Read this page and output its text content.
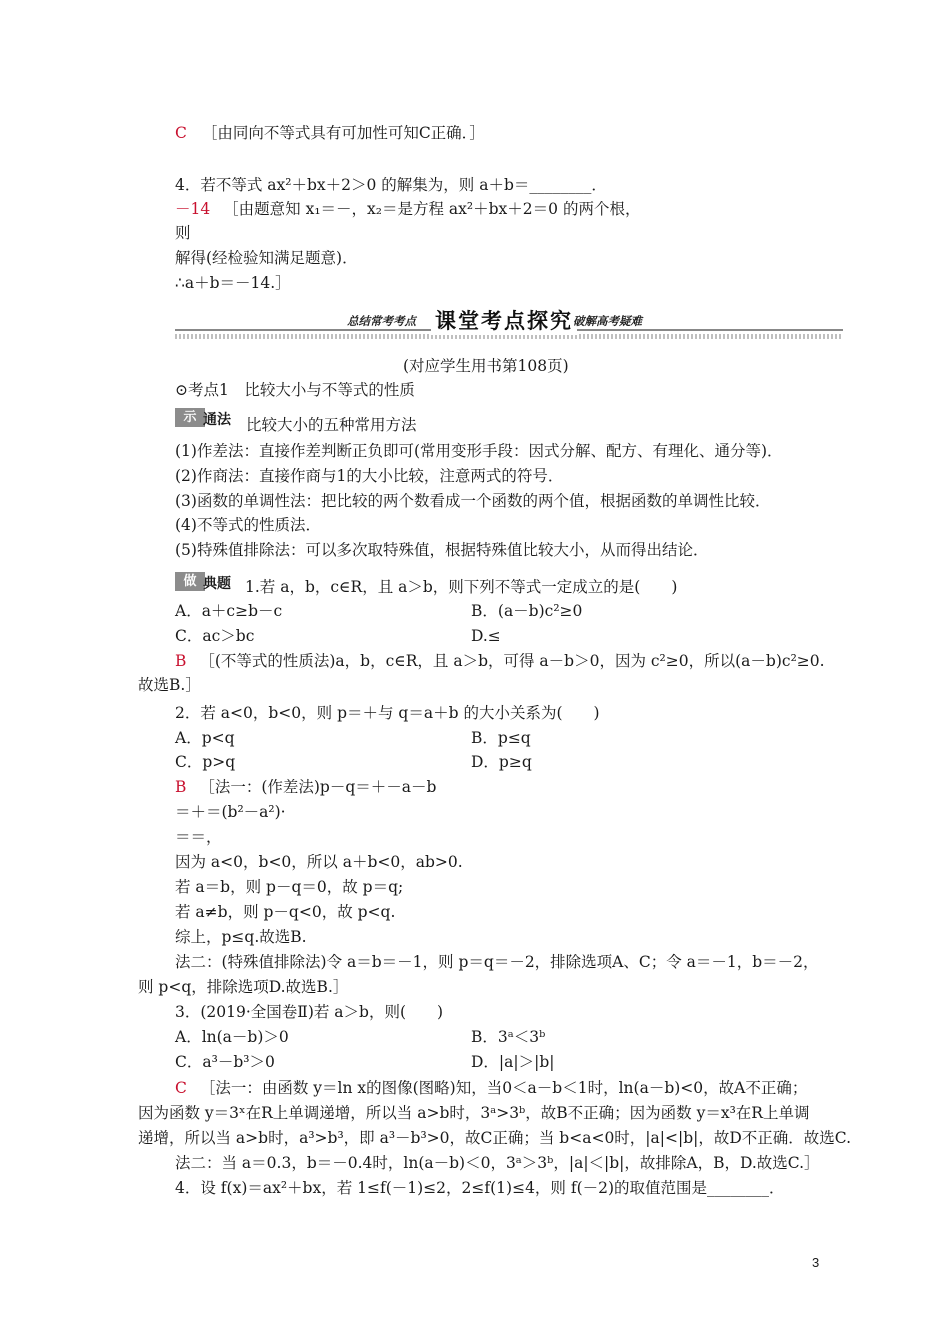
C ［由同向不等式具有可加性可知C正确．］
4．若不等式 ax²＋bx＋2＞0 的解集为，则 a＋b＝________．
－14 ［由题意知 x₁＝－，x₂＝是方程 ax²＋bx＋2＝0 的两个根，
则
解得(经检验知满足题意)．
∴a＋b＝－14.］
总结常考考点 课堂考点探究 破解高考疑难
(对应学生用书第108页)
⊙考点1　比较大小与不等式的性质
示 通法 比较大小的五种常用方法
(1)作差法：直接作差判断正负即可(常用变形手段：因式分解、配方、有理化、通分等)．
(2)作商法：直接作商与1的大小比较，注意两式的符号．
(3)函数的单调性法：把比较的两个数看成一个函数的两个值，根据函数的单调性比较．
(4)不等式的性质法．
(5)特殊值排除法：可以多次取特殊值，根据特殊值比较大小，从而得出结论．
做 典题 1.若 a，b，c∈R，且 a＞b，则下列不等式一定成立的是(　　)
A．a＋c≥b－c	B．(a－b)c²≥0
C．ac＞bc	D.≤
B ［(不等式的性质法)a，b，c∈R，且 a＞b，可得 a－b＞0，因为 c²≥0，所以(a－b)c²≥0.
故选B.］
2．若 a<0，b<0，则 p＝＋与 q＝a＋b 的大小关系为(　　)
A．p<q	B．p≤q
C．p>q	D．p≥q
B ［法一：(作差法)p－q＝＋－a－b
＝＋＝(b²－a²)·
＝＝，
因为 a<0，b<0，所以 a＋b<0，ab>0.
若 a＝b，则 p－q＝0，故 p＝q;
若 a≠b，则 p－q<0，故 p<q.
综上，p≤q.故选B.
法二：(特殊值排除法)令 a＝b＝－1，则 p＝q＝－2，排除选项A、C；令 a＝－1，b＝－2，
则 p<q，排除选项D.故选B.］
3．(2019·全国卷Ⅱ)若 a＞b，则(　　)
A．ln(a－b)＞0	B．3ᵃ＜3ᵇ
C．a³－b³＞0	D．|a|＞|b|
C ［法一：由函数 y＝ln x的图像(图略)知，当0＜a－b＜1时，ln(a－b)<0，故A不正确；
因为函数 y＝3ˣ在R上单调递增，所以当 a>b时，3ᵃ>3ᵇ，故B不正确；因为函数 y＝x³在R上单调
递增，所以当 a>b时，a³>b³，即 a³－b³>0，故C正确；当 b<a<0时，|a|<|b|，故D不正确．故选C.
法二：当 a＝0.3，b＝－0.4时，ln(a－b)＜0，3ᵃ＞3ᵇ，|a|＜|b|，故排除A，B，D.故选C.］
4．设 f(x)＝ax²＋bx，若 1≤f(－1)≤2，2≤f(1)≤4，则 f(－2)的取值范围是________．
3
